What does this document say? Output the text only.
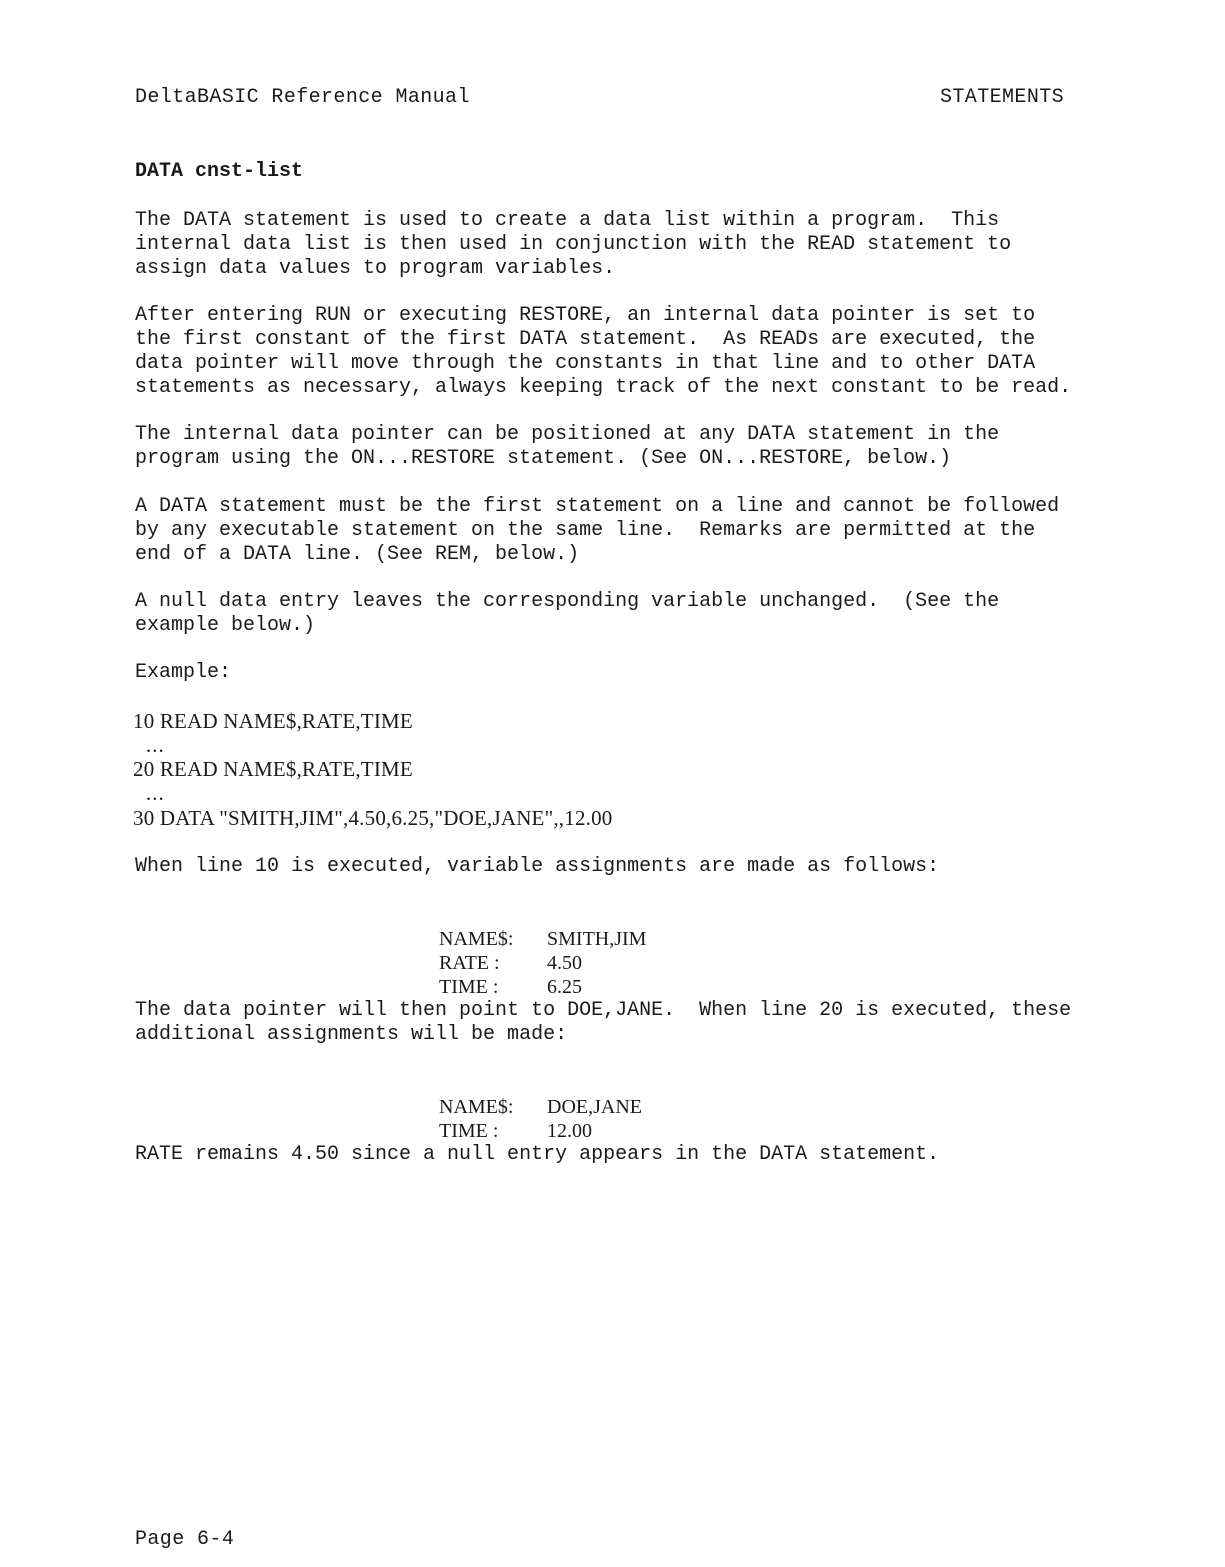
DeltaBASIC Reference Manual	STATEMENTS
DATA cnst-list
The DATA statement is used to create a data list within a program.  This
internal data list is then used in conjunction with the READ statement to
assign data values to program variables.
After entering RUN or executing RESTORE, an internal data pointer is set to
the first constant of the first DATA statement.  As READs are executed, the
data pointer will move through the constants in that line and to other DATA
statements as necessary, always keeping track of the next constant to be read.
The internal data pointer can be positioned at any DATA statement in the
program using the ON...RESTORE statement. (See ON...RESTORE, below.)
A DATA statement must be the first statement on a line and cannot be followed
by any executable statement on the same line.  Remarks are permitted at the
end of a DATA line. (See REM, below.)
A null data entry leaves the corresponding variable unchanged.  (See the
example below.)
Example:
10 READ NAME$,RATE,TIME
...
20 READ NAME$,RATE,TIME
...
30 DATA "SMITH,JIM",4.50,6.25,"DOE,JANE",,12.00
When line 10 is executed, variable assignments are made as follows:

NAME$: SMITH,JIM

RATE : 4.50

TIME : 6.25

The data pointer will then point to DOE,JANE.  When line 20 is executed, these
additional assignments will be made:

NAME$: DOE,JANE

TIME : 12.00

RATE remains 4.50 since a null entry appears in the DATA statement.
Page 6-4
